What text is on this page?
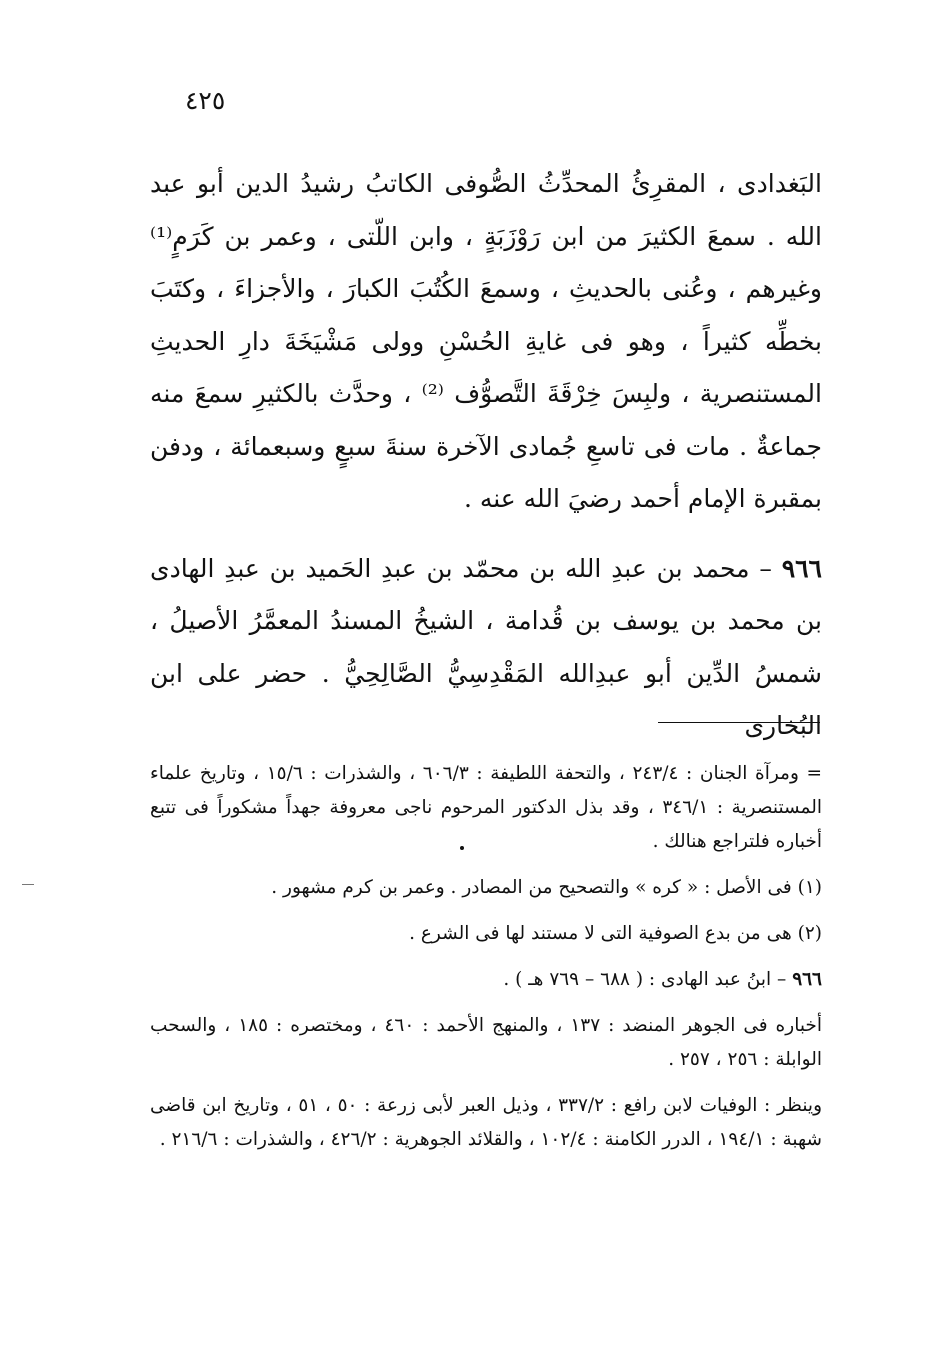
٤٢٥

البَغدادى ، المقرِئُ المحدِّثُ الصُّوفى الكاتبُ رشيدُ الدين أبو عبد الله . سمعَ الكثيرَ من ابن رَوْزَبَةٍ ، وابن اللّتى ، وعمر بن كَرَمٍ⁽¹⁾ وغيرهم ، وعُنى بالحديثِ ، وسمعَ الكُتُبَ الكبارَ ، والأجزاءَ ، وكتَبَ بخطِّه كثيراً ، وهو فى غايةِ الحُسْنِ وولى مَشْيَخَةَ دارِ الحديثِ المستنصرية ، ولبِسَ خِرْقَةَ التَّصوُّف ⁽²⁾ ، وحدَّث بالكثيرِ سمعَ منه جماعةٌ . مات فى تاسعِ جُمادى الآخرة سنةَ سبعٍ وسبعمائة ، ودفن بمقبرة الإمام أحمد رضيَ الله عنه .

٩٦٦ – محمد بن عبدِ الله بن محمّد بن عبدِ الحَميد بن عبدِ الهادى بن محمد بن يوسف بن قُدامة ، الشيخُ المسندُ المعمَّرُ الأصيلُ ، شمسُ الدِّين أبو عبدِالله المَقْدِسِيُّ الصَّالِحِيُّ . حضر على ابن البُخارى

= ومرآة الجنان : ٢٤٣/٤ ، والتحفة اللطيفة : ٦٠٦/٣ ، والشذرات : ١٥/٦ ، وتاريخ علماء المستنصرية : ٣٤٦/١ ، وقد بذل الدكتور المرحوم ناجى معروفة جهداً مشكوراً فى تتبع أخباره فلتراجع هنالك .

(١) فى الأصل : « كره » والتصحيح من المصادر . وعمر بن كرم مشهور .

(٢) هى من بدع الصوفية التى لا مستند لها فى الشرع .

٩٦٦ – ابنُ عبد الهادى : ( ٦٨٨ – ٧٦٩ هـ ) .

أخباره فى الجوهر المنضد : ١٣٧ ، والمنهج الأحمد : ٤٦٠ ، ومختصره : ١٨٥ ، والسحب الوابلة : ٢٥٦ ، ٢٥٧ .

وينظر : الوفيات لابن رافع : ٣٣٧/٢ ، وذيل العبر لأبى زرعة : ٥٠ ، ٥١ ، وتاريخ ابن قاضى شهبة : ١٩٤/١ ، الدرر الكامنة : ١٠٢/٤ ، والقلائد الجوهرية : ٤٢٦/٢ ، والشذرات : ٢١٦/٦ .
